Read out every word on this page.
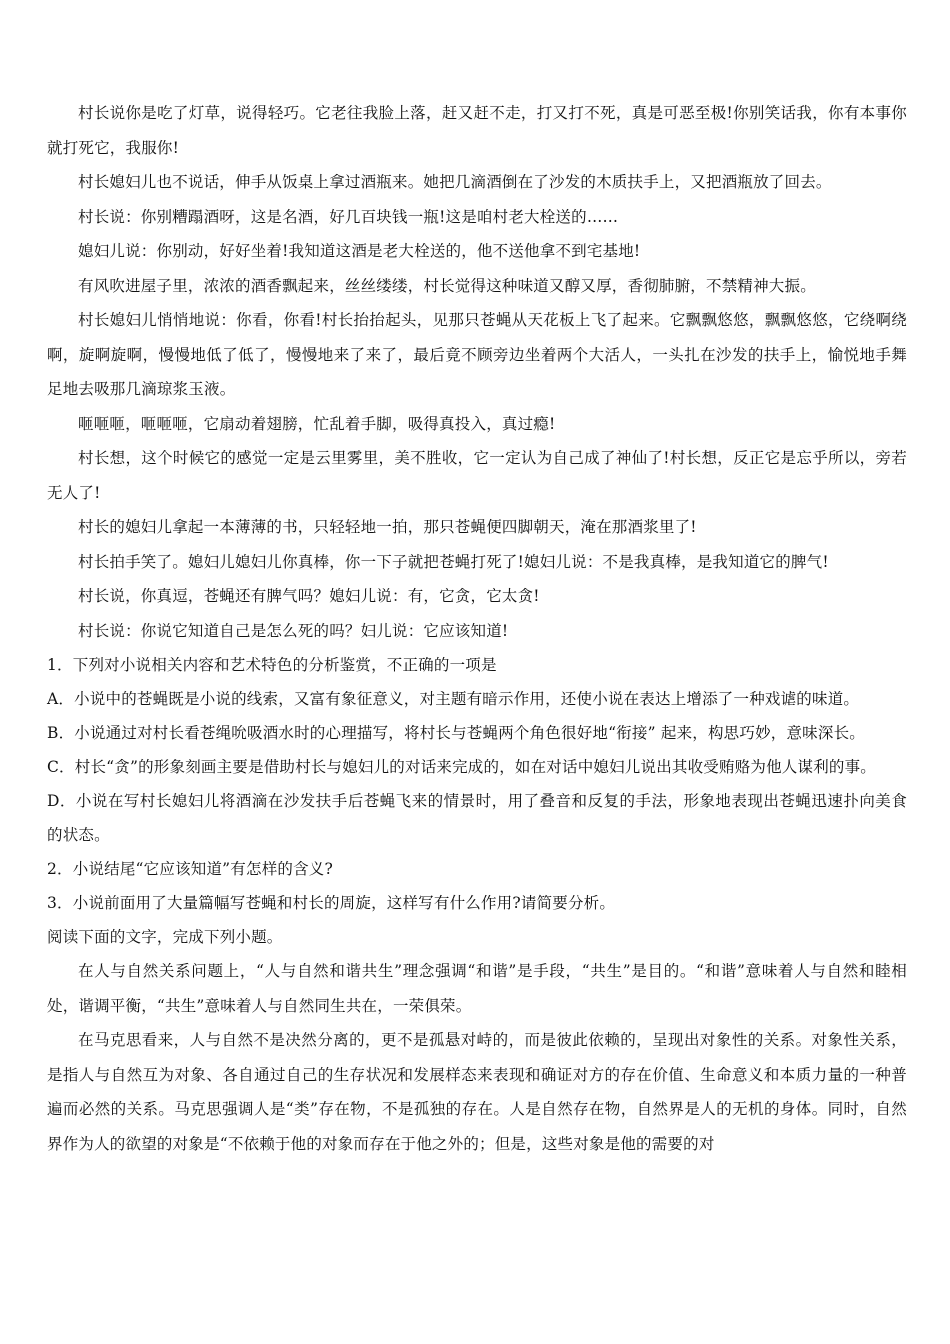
村长说你是吃了灯草，说得轻巧。它老往我脸上落，赶又赶不走，打又打不死，真是可恶至极!你别笑话我，你有本事你就打死它，我服你!

村长媳妇儿也不说话，伸手从饭桌上拿过酒瓶来。她把几滴酒倒在了沙发的木质扶手上，又把酒瓶放了回去。

村长说：你别糟蹋酒呀，这是名酒，好几百块钱一瓶!这是咱村老大栓送的……

媳妇儿说：你别动，好好坐着!我知道这酒是老大栓送的，他不送他拿不到宅基地!

有风吹进屋子里，浓浓的酒香飘起来，丝丝缕缕，村长觉得这种味道又醇又厚，香彻肺腑，不禁精神大振。

村长媳妇儿悄悄地说：你看，你看!村长抬抬起头，见那只苍蝇从天花板上飞了起来。它飘飘悠悠，飘飘悠悠，它绕啊绕啊，旋啊旋啊，慢慢地低了低了，慢慢地来了来了，最后竟不顾旁边坐着两个大活人，一头扎在沙发的扶手上，愉悦地手舞足地去吸那几滴琼浆玉液。

咂咂咂，咂咂咂，它扇动着翅膀，忙乱着手脚，吸得真投入，真过瘾!

村长想，这个时候它的感觉一定是云里雾里，美不胜收，它一定认为自己成了神仙了!村长想，反正它是忘乎所以，旁若无人了!

村长的媳妇儿拿起一本薄薄的书，只轻轻地一拍，那只苍蝇便四脚朝天，淹在那酒浆里了!

村长拍手笑了。媳妇儿媳妇儿你真棒，你一下子就把苍蝇打死了!媳妇儿说：不是我真棒，是我知道它的脾气!

村长说，你真逗，苍蝇还有脾气吗？媳妇儿说：有，它贪，它太贪!

村长说：你说它知道自己是怎么死的吗？妇儿说：它应该知道!

1．下列对小说相关内容和艺术特色的分析鉴赏，不正确的一项是

A．小说中的苍蝇既是小说的线索，又富有象征意义，对主题有暗示作用，还使小说在表达上增添了一种戏谑的味道。

B．小说通过对村长看苍绳吮吸酒水时的心理描写，将村长与苍蝇两个角色很好地“衔接” 起来，构思巧妙，意味深长。

C．村长“贪”的形象刻画主要是借助村长与媳妇儿的对话来完成的，如在对话中媳妇儿说出其收受贿赂为他人谋利的事。

D．小说在写村长媳妇儿将酒滴在沙发扶手后苍蝇飞来的情景时，用了叠音和反复的手法，形象地表现出苍蝇迅速扑向美食的状态。

2．小说结尾“它应该知道”有怎样的含义?

3．小说前面用了大量篇幅写苍蝇和村长的周旋，这样写有什么作用?请简要分析。

阅读下面的文字，完成下列小题。

在人与自然关系问题上，“人与自然和谐共生”理念强调“和谐”是手段，“共生”是目的。“和谐”意味着人与自然和睦相处，谐调平衡，“共生”意味着人与自然同生共在，一荣俱荣。

在马克思看来，人与自然不是决然分离的，更不是孤悬对峙的，而是彼此依赖的，呈现出对象性的关系。对象性关系，是指人与自然互为对象、各自通过自己的生存状况和发展样态来表现和确证对方的存在价值、生命意义和本质力量的一种普遍而必然的关系。马克思强调人是“类”存在物，不是孤独的存在。人是自然存在物，自然界是人的无机的身体。同时，自然界作为人的欲望的对象是“不依赖于他的对象而存在于他之外的；但是，这些对象是他的需要的对
